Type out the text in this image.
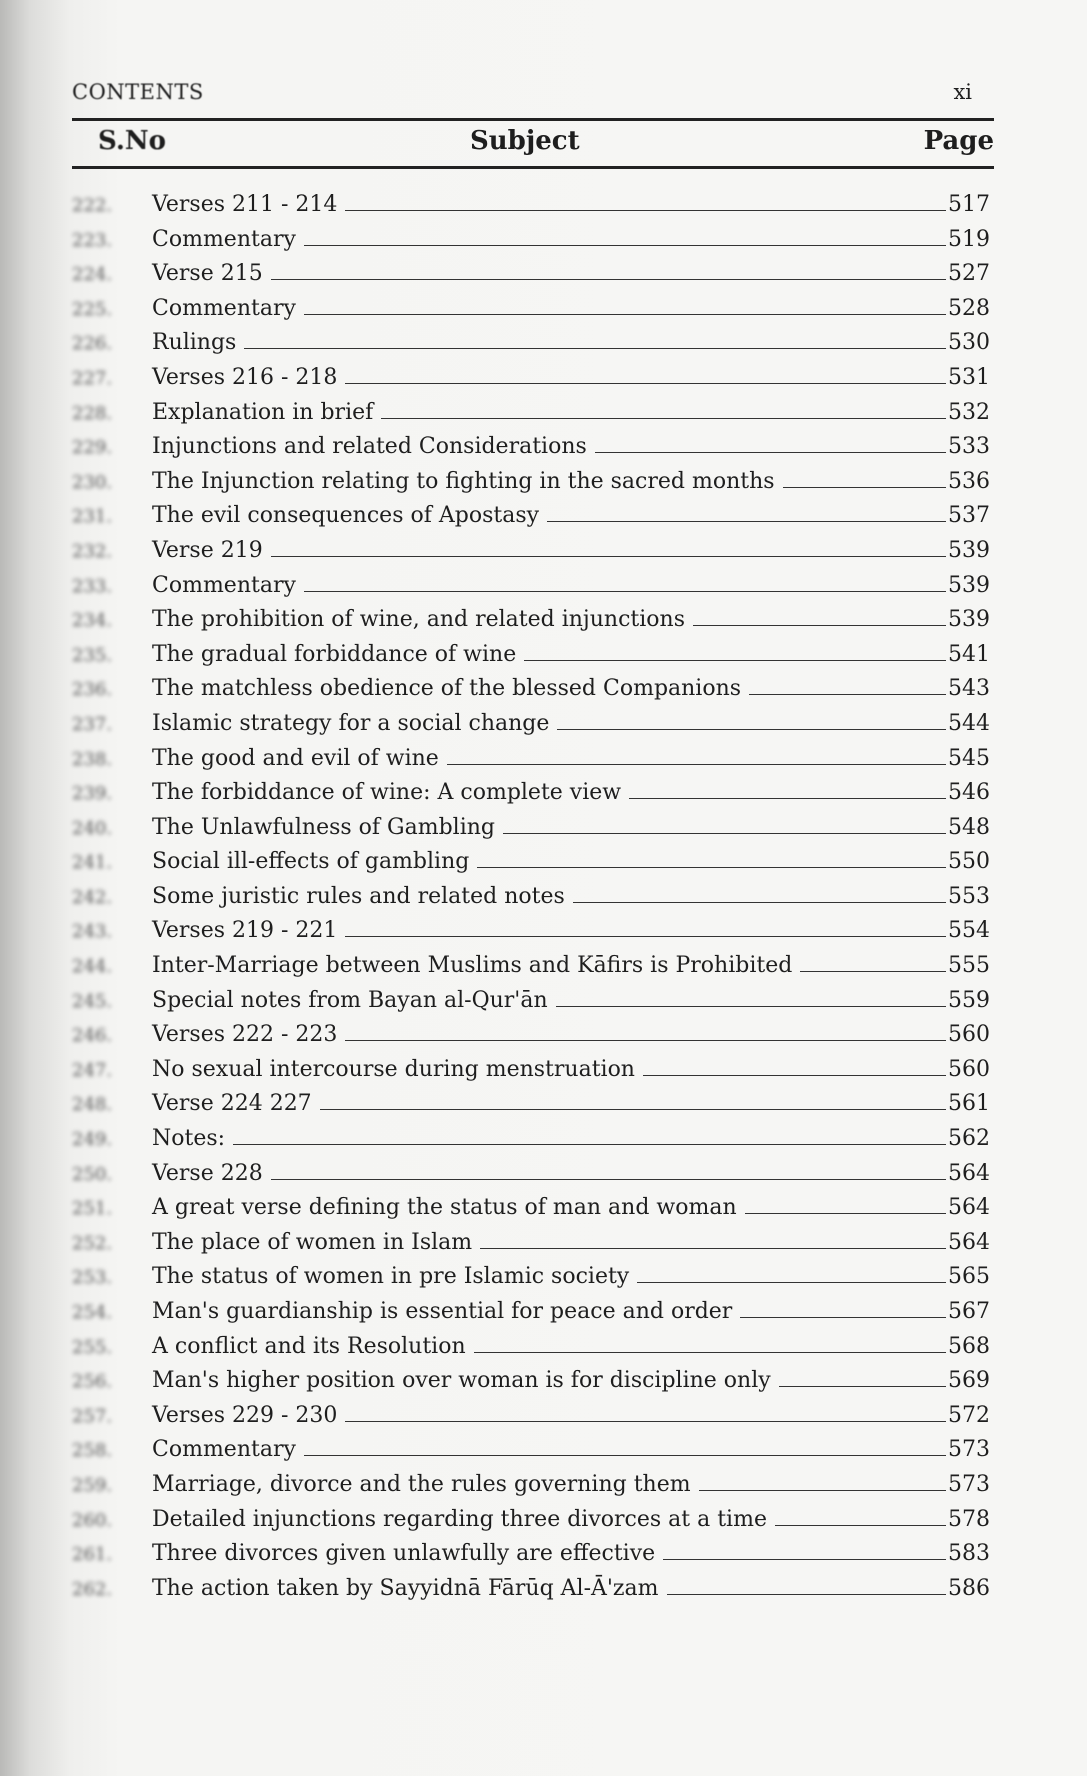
CONTENTS	xi
S.No	Subject	Page
222.	Verses 211 - 214	517
223.	Commentary	519
224.	Verse 215	527
225.	Commentary	528
226.	Rulings	530
227.	Verses 216 - 218	531
228.	Explanation in brief	532
229.	Injunctions and related Considerations	533
230.	The Injunction relating to fighting in the sacred months	536
231.	The evil consequences of Apostasy	537
232.	Verse 219	539
233.	Commentary	539
234.	The prohibition of wine, and related injunctions	539
235.	The gradual forbiddance of wine	541
236.	The matchless obedience of the blessed Companions	543
237.	Islamic strategy for a social change	544
238.	The good and evil of wine	545
239.	The forbiddance of wine: A complete view	546
240.	The Unlawfulness of Gambling	548
241.	Social ill-effects of gambling	550
242.	Some juristic rules and related notes	553
243.	Verses 219 - 221	554
244.	Inter-Marriage between Muslims and Kāfirs is Prohibited	555
245.	Special notes from Bayan al-Qur'ān	559
246.	Verses 222 - 223	560
247.	No sexual intercourse during menstruation	560
248.	Verse 224 227	561
249.	Notes:	562
250.	Verse 228	564
251.	A great verse defining the status of man and woman	564
252.	The place of women in Islam	564
253.	The status of women in pre Islamic society	565
254.	Man's guardianship is essential for peace and order	567
255.	A conflict and its Resolution	568
256.	Man's higher position over woman is for discipline only	569
257.	Verses 229 - 230	572
258.	Commentary	573
259.	Marriage, divorce and the rules governing them	573
260.	Detailed injunctions regarding three divorces at a time	578
261.	Three divorces given unlawfully are effective	583
262.	The action taken by Sayyidnā Fārūq Al-Ā'zam	586
